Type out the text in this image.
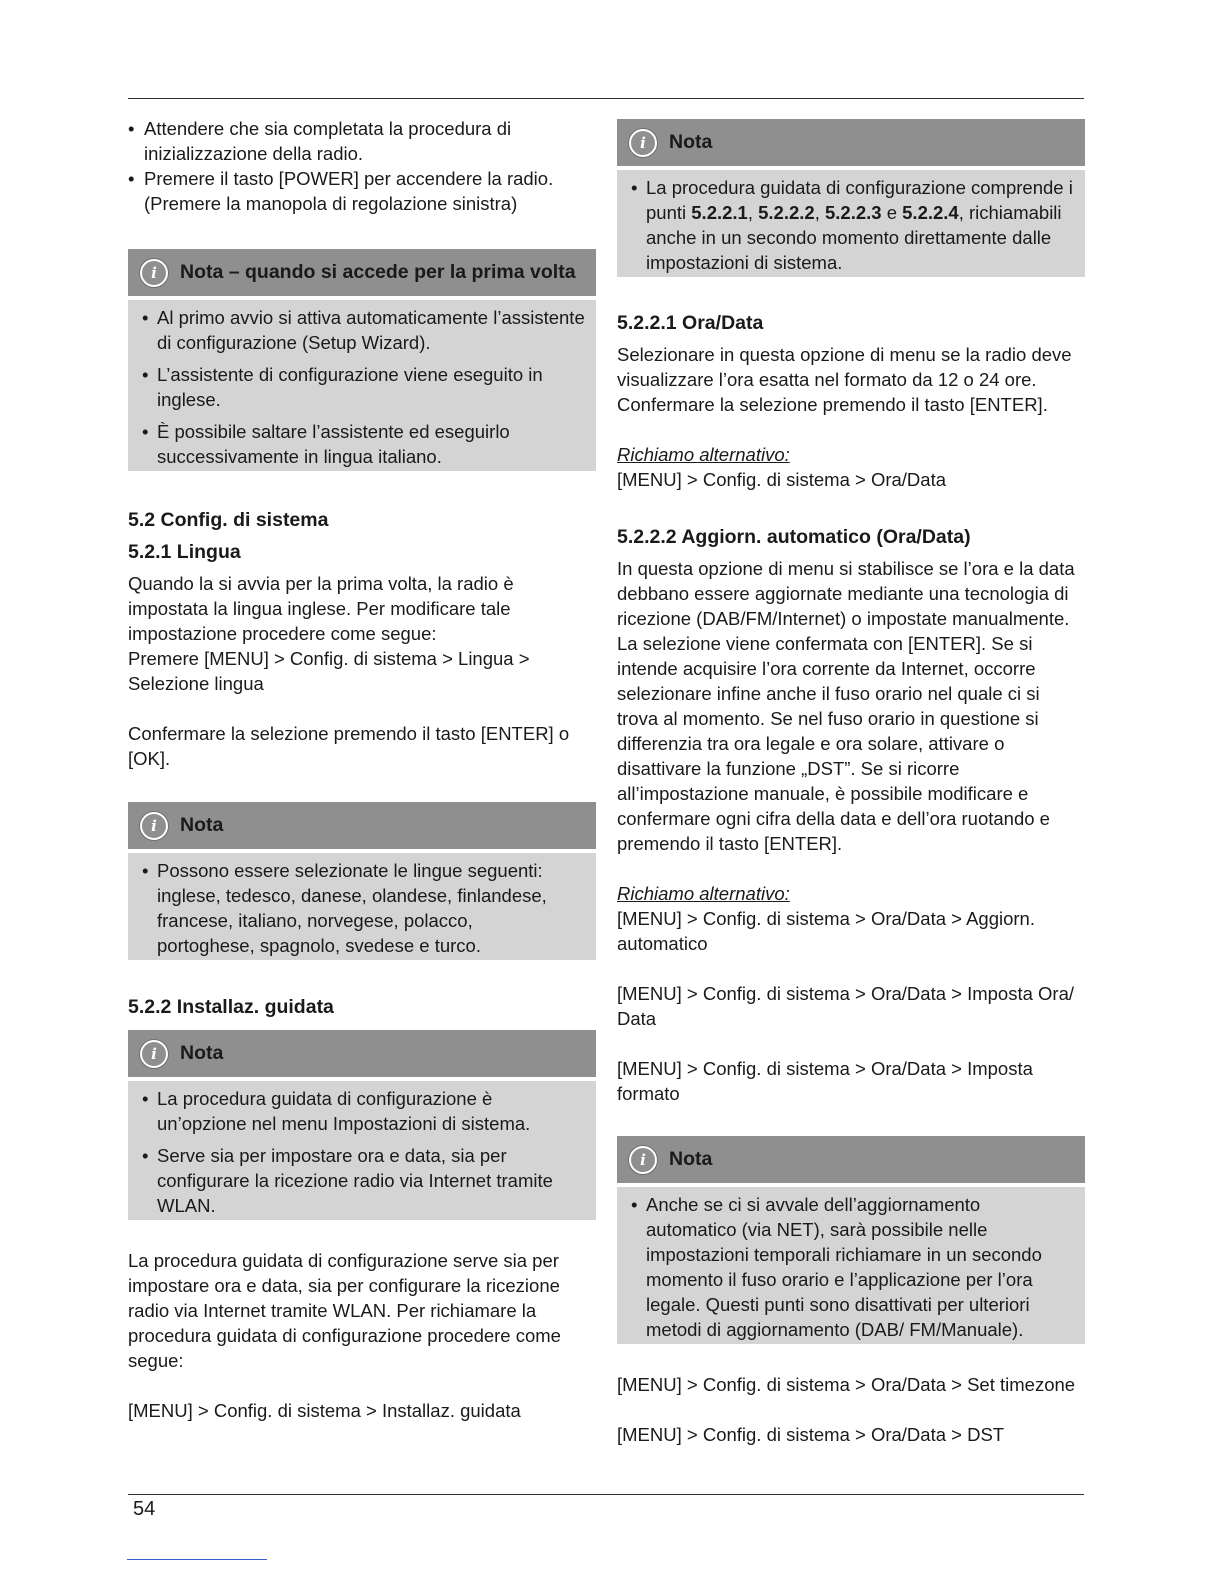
• Attendere che sia completata la procedura di inizializzazione della radio.
• Premere il tasto [POWER] per accendere la radio. (Premere la manopola di regolazione sinistra)
i	Nota – quando si accede per la prima volta
• Al primo avvio si attiva automaticamente l’assistente di configurazione (Setup Wizard).
• L’assistente di configurazione viene eseguito in inglese.
• È possibile saltare l’assistente ed eseguirlo successivamente in lingua italiano.
5.2 Config. di sistema
5.2.1 Lingua

Quando la si avvia per la prima volta, la radio è impostata la lingua inglese. Per modificare tale impostazione procedere come segue:

Premere [MENU] > Config. di sistema > Lingua > Selezione lingua

Confermare la selezione premendo il tasto [ENTER] o [OK].

i	Nota
• Possono essere selezionate le lingue seguenti: inglese, tedesco, danese, olandese, finlandese, francese, italiano, norvegese, polacco, portoghese, spagnolo, svedese e turco.
5.2.2 Installaz. guidata
i	Nota
• La procedura guidata di configurazione è un’opzione nel menu Impostazioni di sistema.
• Serve sia per impostare ora e data, sia per configurare la ricezione radio via Internet tramite WLAN.

La procedura guidata di configurazione serve sia per impostare ora e data, sia per configurare la ricezione radio via Internet tramite WLAN. Per richiamare la procedura guidata di configurazione procedere come segue:

[MENU] > Config. di sistema > Installaz. guidata

i	Nota
• La procedura guidata di configurazione comprende i punti 5.2.2.1, 5.2.2.2, 5.2.2.3 e 5.2.2.4, richiamabili anche in un secondo momento direttamente dalle impostazioni di sistema.
5.2.2.1 Ora/Data

Selezionare in questa opzione di menu se la radio deve visualizzare l’ora esatta nel formato da 12 o 24 ore. Confermare la selezione premendo il tasto [ENTER].

Richiamo alternativo:

[MENU] > Config. di sistema > Ora/Data

5.2.2.2 Aggiorn. automatico (Ora/Data)

In questa opzione di menu si stabilisce se l’ora e la data debbano essere aggiornate mediante una tecnologia di ricezione (DAB/FM/Internet) o impostate manualmente. La selezione viene confermata con [ENTER]. Se si intende acquisire l’ora corrente da Internet, occorre selezionare infine anche il fuso orario nel quale ci si trova al momento. Se nel fuso orario in questione si differenzia tra ora legale e ora solare, attivare o disattivare la funzione „DST”. Se si ricorre all’impostazione manuale, è possibile modificare e confermare ogni cifra della data e dell’ora ruotando e premendo il tasto [ENTER].

Richiamo alternativo:

[MENU] > Config. di sistema > Ora/Data > Aggiorn. automatico

[MENU] > Config. di sistema > Ora/Data > Imposta Ora/ Data

[MENU] > Config. di sistema > Ora/Data > Imposta formato

i	Nota
• Anche se ci si avvale dell’aggiornamento automatico (via NET), sarà possibile nelle impostazioni temporali richiamare in un secondo momento il fuso orario e l’applicazione per l’ora legale. Questi punti sono disattivati per ulteriori metodi di aggiornamento (DAB/ FM/Manuale).

[MENU] > Config. di sistema > Ora/Data > Set timezone

[MENU] > Config. di sistema > Ora/Data > DST

54
